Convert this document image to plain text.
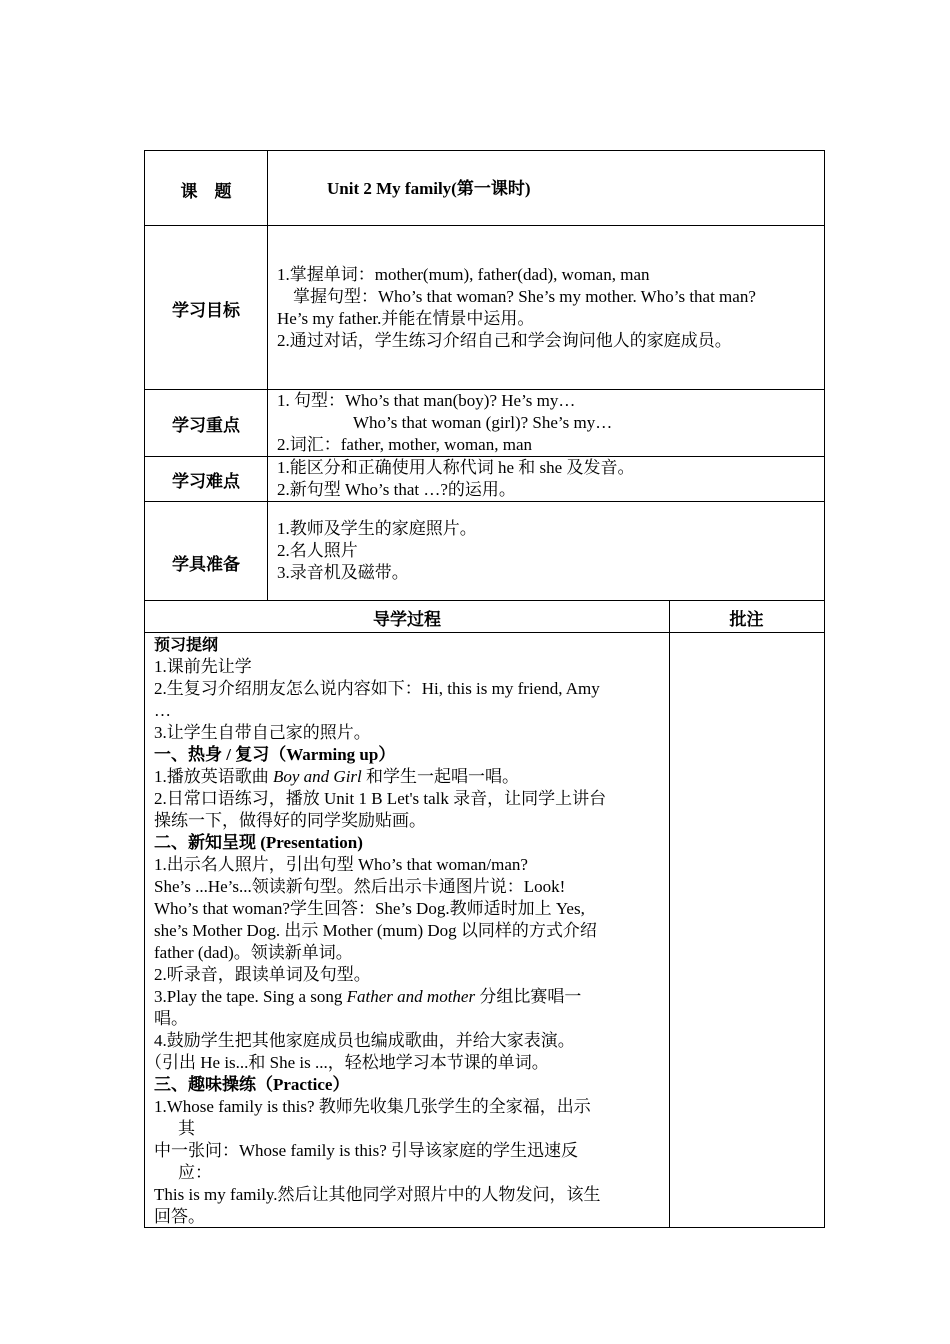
课　题	Unit 2 My family(第一课时)
学习目标
1.掌握单词：mother(mum), father(dad), woman, man
掌握句型：Who’s that woman? She’s my mother. Who’s that man?
He’s my father.并能在情景中运用。
2.通过对话，学生练习介绍自己和学会询问他人的家庭成员。
学习重点
1. 句型：Who’s that man(boy)? He’s my…
Who’s that woman (girl)? She’s my…
2.词汇：father, mother, woman, man
学习难点
1.能区分和正确使用人称代词 he 和 she 及发音。
2.新句型 Who’s that …?的运用。
学具准备
1.教师及学生的家庭照片。
2.名人照片
3.录音机及磁带。
导学过程	批注
预习提纲
1.课前先让学
2.生复习介绍朋友怎么说内容如下：Hi, this is my friend, Amy
…
3.让学生自带自己家的照片。
一、热身 / 复习（Warming up）
1.播放英语歌曲 Boy and Girl 和学生一起唱一唱。
2.日常口语练习，播放 Unit 1 B Let's talk 录音，让同学上讲台
操练一下，做得好的同学奖励贴画。
二、新知呈现 (Presentation)
1.出示名人照片，引出句型 Who’s that woman/man?
She’s ...He’s...领读新句型。然后出示卡通图片说：Look!
Who’s that woman?学生回答：She’s Dog.教师适时加上 Yes,
she’s Mother Dog. 出示 Mother (mum) Dog 以同样的方式介绍
father (dad)。领读新单词。
2.听录音，跟读单词及句型。
3.Play the tape. Sing a song Father and mother 分组比赛唱一
唱。
4.鼓励学生把其他家庭成员也编成歌曲，并给大家表演。
（引出 He is...和 She is ...，轻松地学习本节课的单词。
三、趣味操练（Practice）
1.Whose family is this? 教师先收集几张学生的全家福，出示
其
中一张问：Whose family is this? 引导该家庭的学生迅速反
应：
This is my family.然后让其他同学对照片中的人物发问，该生
回答。
